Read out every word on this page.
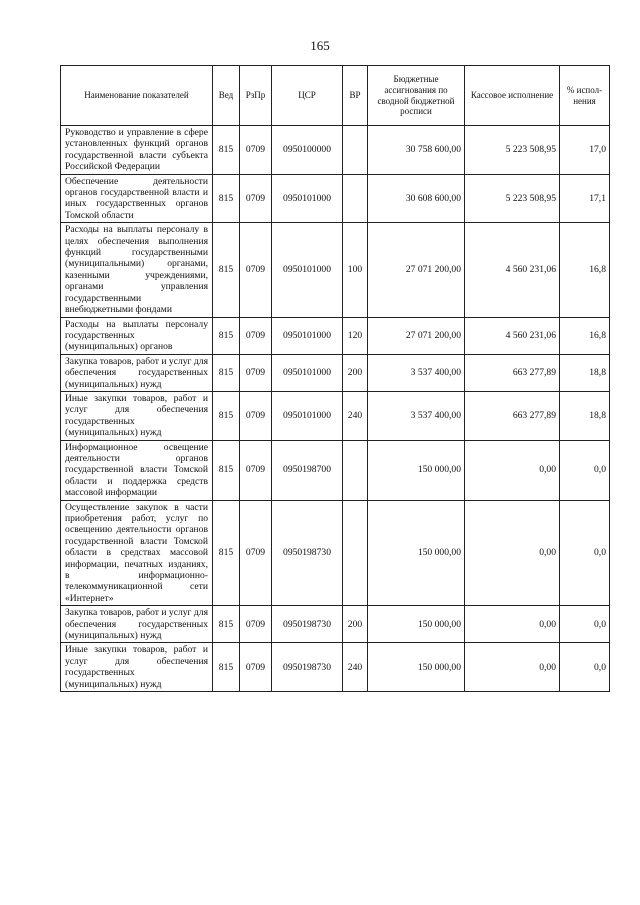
165
Наименование показателей	Вед	РзПр	ЦСР	ВР	Бюджетные ассигнования по сводной бюджетной росписи	Кассовое исполнение	% испол-нения
Руководство и управление в сфере установленных функций органов государственной власти субъекта Российской Федерации	815	0709	0950100000		30 758 600,00	5 223 508,95	17,0
Обеспечение деятельности органов государственной власти и иных государственных органов Томской области	815	0709	0950101000		30 608 600,00	5 223 508,95	17,1
Расходы на выплаты персоналу в целях обеспечения выполнения функций государственными (муниципальными) органами, казенными учреждениями, органами управления государственными внебюджетными фондами	815	0709	0950101000	100	27 071 200,00	4 560 231,06	16,8
Расходы на выплаты персоналу государственных (муниципальных) органов	815	0709	0950101000	120	27 071 200,00	4 560 231,06	16,8
Закупка товаров, работ и услуг для обеспечения государственных (муниципальных) нужд	815	0709	0950101000	200	3 537 400,00	663 277,89	18,8
Иные закупки товаров, работ и услуг для обеспечения государственных (муниципальных) нужд	815	0709	0950101000	240	3 537 400,00	663 277,89	18,8
Информационное освещение деятельности органов государственной власти Томской области и поддержка средств массовой информации	815	0709	0950198700		150 000,00	0,00	0,0
Осуществление закупок в части приобретения работ, услуг по освещению деятельности органов государственной власти Томской области в средствах массовой информации, печатных изданиях, в информационно-телекоммуникационной сети «Интернет»	815	0709	0950198730		150 000,00	0,00	0,0
Закупка товаров, работ и услуг для обеспечения государственных (муниципальных) нужд	815	0709	0950198730	200	150 000,00	0,00	0,0
Иные закупки товаров, работ и услуг для обеспечения государственных (муниципальных) нужд	815	0709	0950198730	240	150 000,00	0,00	0,0
